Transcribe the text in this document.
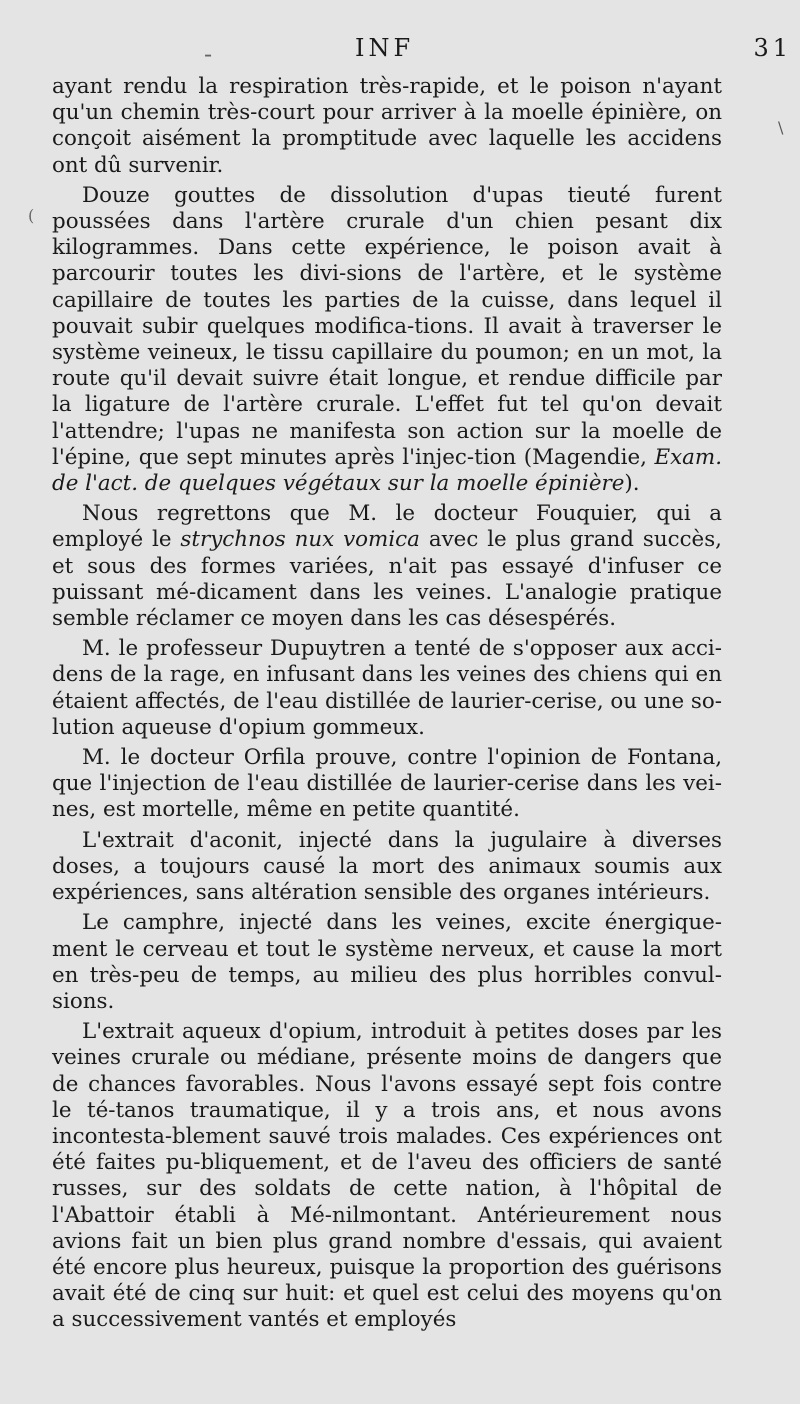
-	INF	31

ayant rendu la respiration très-rapide, et le poison n'ayant qu'un chemin très-court pour arriver à la moelle épinière, on conçoit aisément la promptitude avec laquelle les accidens ont dû survenir.

Douze gouttes de dissolution d'upas tieuté furent poussées dans l'artère crurale d'un chien pesant dix kilogrammes. Dans cette expérience, le poison avait à parcourir toutes les divi-sions de l'artère, et le système capillaire de toutes les parties de la cuisse, dans lequel il pouvait subir quelques modifica-tions. Il avait à traverser le système veineux, le tissu capillaire du poumon; en un mot, la route qu'il devait suivre était longue, et rendue difficile par la ligature de l'artère crurale. L'effet fut tel qu'on devait l'attendre; l'upas ne manifesta son action sur la moelle de l'épine, que sept minutes après l'injec-tion (Magendie, Exam. de l'act. de quelques végétaux sur la moelle épinière).

Nous regrettons que M. le docteur Fouquier, qui a employé le strychnos nux vomica avec le plus grand succès, et sous des formes variées, n'ait pas essayé d'infuser ce puissant mé-dicament dans les veines. L'analogie pratique semble réclamer ce moyen dans les cas désespérés.

M. le professeur Dupuytren a tenté de s'opposer aux acci-dens de la rage, en infusant dans les veines des chiens qui en étaient affectés, de l'eau distillée de laurier-cerise, ou une so-lution aqueuse d'opium gommeux.

M. le docteur Orfila prouve, contre l'opinion de Fontana, que l'injection de l'eau distillée de laurier-cerise dans les vei-nes, est mortelle, même en petite quantité.

L'extrait d'aconit, injecté dans la jugulaire à diverses doses, a toujours causé la mort des animaux soumis aux expériences, sans altération sensible des organes intérieurs.

Le camphre, injecté dans les veines, excite énergique-ment le cerveau et tout le système nerveux, et cause la mort en très-peu de temps, au milieu des plus horribles convul-sions.

L'extrait aqueux d'opium, introduit à petites doses par les veines crurale ou médiane, présente moins de dangers que de chances favorables. Nous l'avons essayé sept fois contre le té-tanos traumatique, il y a trois ans, et nous avons incontesta-blement sauvé trois malades. Ces expériences ont été faites pu-bliquement, et de l'aveu des officiers de santé russes, sur des soldats de cette nation, à l'hôpital de l'Abattoir établi à Mé-nilmontant. Antérieurement nous avions fait un bien plus grand nombre d'essais, qui avaient été encore plus heureux, puisque la proportion des guérisons avait été de cinq sur huit: et quel est celui des moyens qu'on a successivement vantés et employés

\
(
